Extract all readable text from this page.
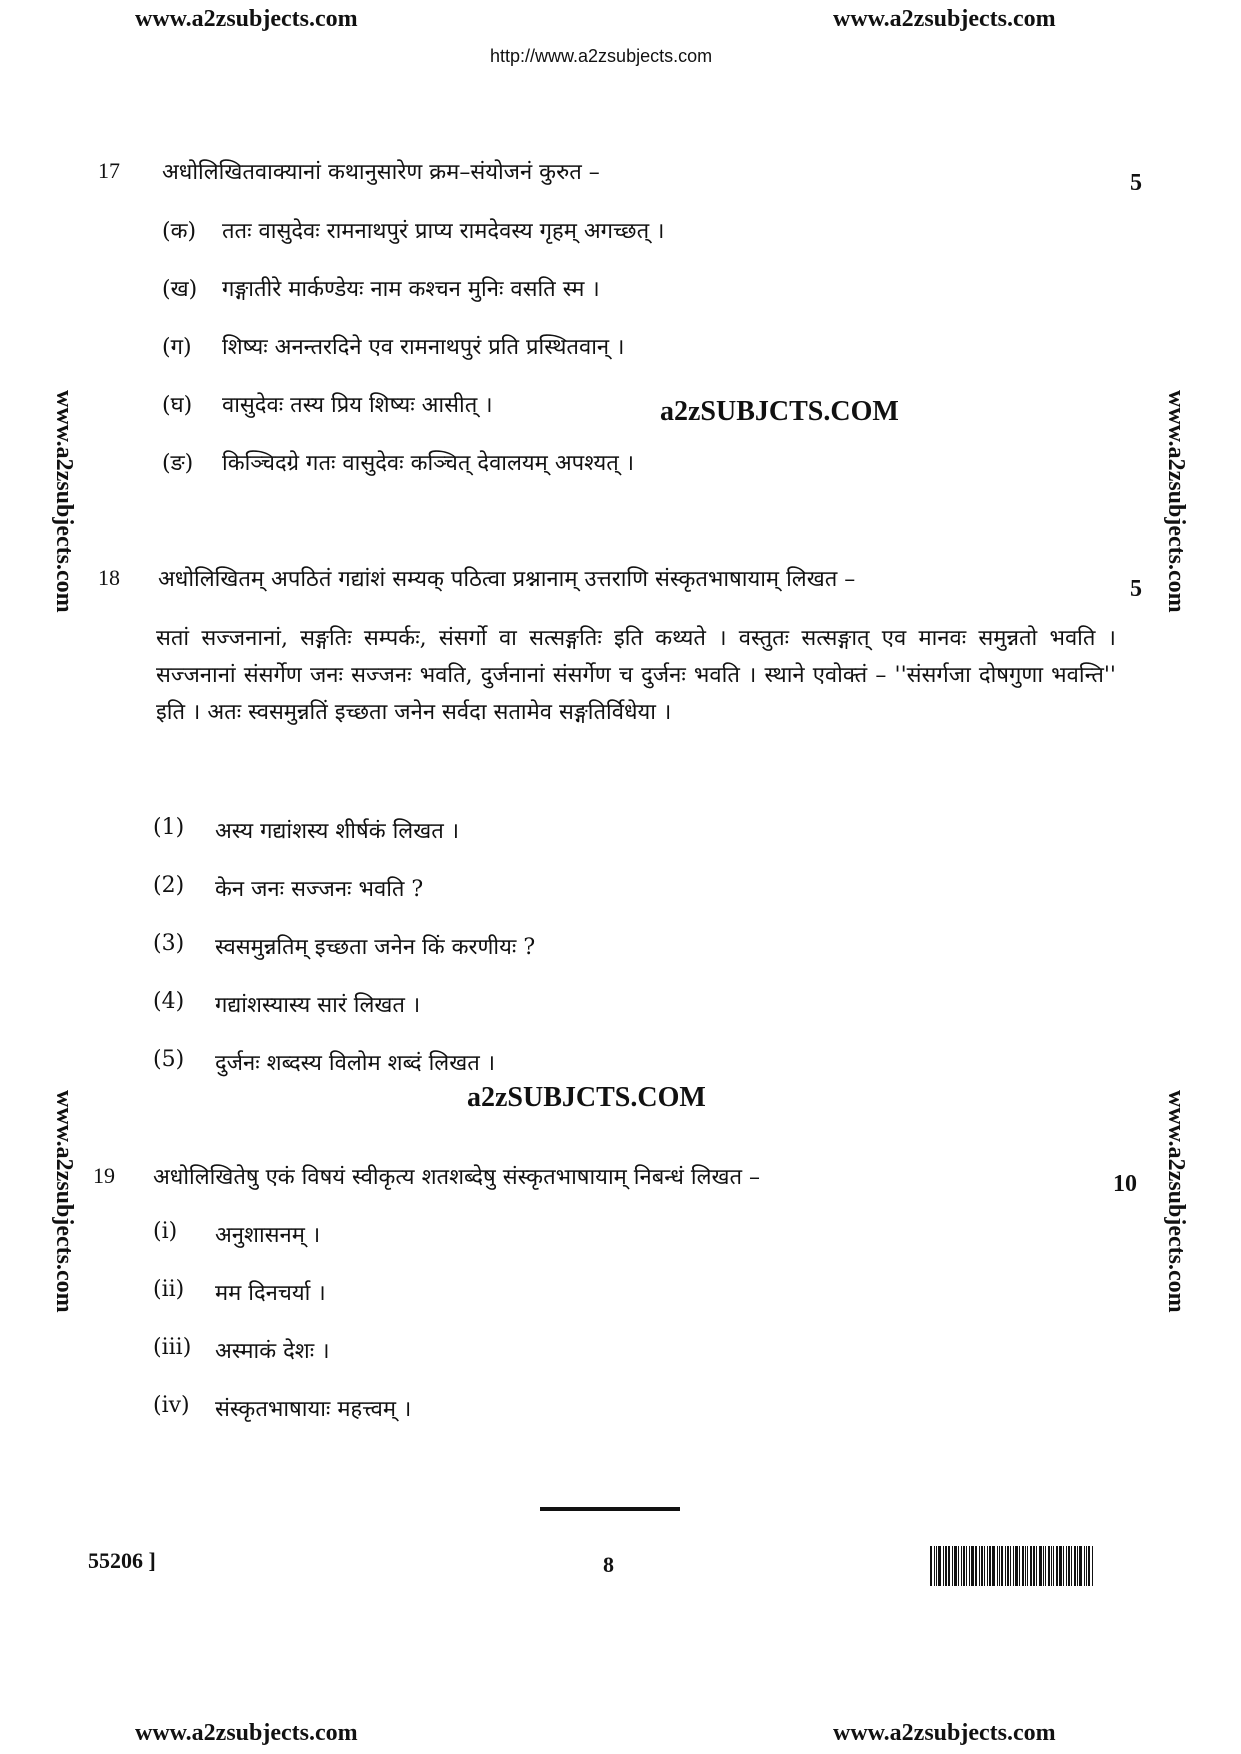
www.a2zsubjects.com	www.a2zsubjects.com
http://www.a2zsubjects.com
www.a2zsubjects.com
www.a2zsubjects.com
www.a2zsubjects.com
www.a2zsubjects.com
17 अधोलिखितवाक्यानां कथानुसारेण क्रम–संयोजनं कुरुत –	5
(क) ततः वासुदेवः रामनाथपुरं प्राप्य रामदेवस्य गृहम् अगच्छत् ।
(ख) गङ्गातीरे मार्कण्डेयः नाम कश्चन मुनिः वसति स्म ।
(ग) शिष्यः अनन्तरदिने एव रामनाथपुरं प्रति प्रस्थितवान् ।
(घ) वासुदेवः तस्य प्रिय शिष्यः आसीत् ।	a2zSUBJCTS.COM
(ङ) किञ्चिदग्रे गतः वासुदेवः कञ्चित् देवालयम् अपश्यत् ।
18 अधोलिखितम् अपठितं गद्यांशं सम्यक् पठित्वा प्रश्नानाम् उत्तराणि संस्कृतभाषायाम् लिखत –	5
सतां सज्जनानां, सङ्गतिः सम्पर्कः, संसर्गो वा सत्सङ्गतिः इति कथ्यते । वस्तुतः सत्सङ्गात् एव मानवः समुन्नतो भवति । सज्जनानां संसर्गेण जनः सज्जनः भवति, दुर्जनानां संसर्गेण च दुर्जनः भवति । स्थाने एवोक्तं – ''संसर्गजा दोषगुणा भवन्ति'' इति । अतः स्वसमुन्नतिं इच्छता जनेन सर्वदा सतामेव सङ्गतिर्विधेया ।
(1) अस्य गद्यांशस्य शीर्षकं लिखत ।
(2) केन जनः सज्जनः भवति ?
(3) स्वसमुन्नतिम् इच्छता जनेन किं करणीयः ?
(4) गद्यांशस्यास्य सारं लिखत ।
(5) दुर्जनः शब्दस्य विलोम शब्दं लिखत ।
a2zSUBJCTS.COM
19 अधोलिखितेषु एकं विषयं स्वीकृत्य शतशब्देषु संस्कृतभाषायाम् निबन्धं लिखत –	10
(i) अनुशासनम् ।
(ii) मम दिनचर्या ।
(iii) अस्माकं देशः ।
(iv) संस्कृतभाषायाः महत्त्वम् ।
55206 ]	8
www.a2zsubjects.com	www.a2zsubjects.com
